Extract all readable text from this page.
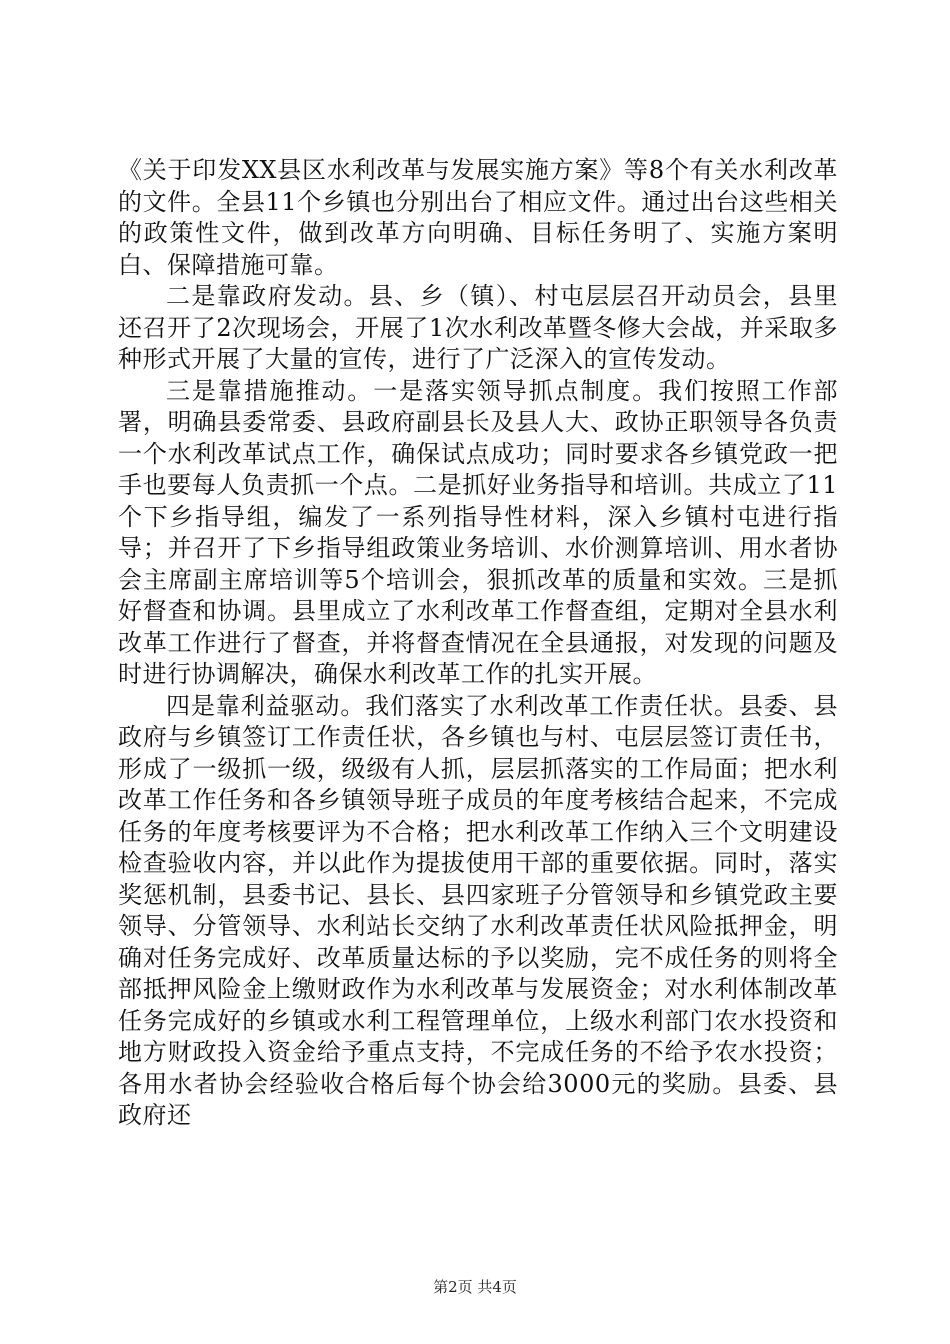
《关于印发XX县区水利改革与发展实施方案》等8个有关水利改革的文件。全县11个乡镇也分别出台了相应文件。通过出台这些相关的政策性文件，做到改革方向明确、目标任务明了、实施方案明白、保障措施可靠。

二是靠政府发动。县、乡（镇）、村屯层层召开动员会，县里还召开了2次现场会，开展了1次水利改革暨冬修大会战，并采取多种形式开展了大量的宣传，进行了广泛深入的宣传发动。

三是靠措施推动。一是落实领导抓点制度。我们按照工作部署，明确县委常委、县政府副县长及县人大、政协正职领导各负责一个水利改革试点工作，确保试点成功；同时要求各乡镇党政一把手也要每人负责抓一个点。二是抓好业务指导和培训。共成立了11个下乡指导组，编发了一系列指导性材料，深入乡镇村屯进行指导；并召开了下乡指导组政策业务培训、水价测算培训、用水者协会主席副主席培训等5个培训会，狠抓改革的质量和实效。三是抓好督查和协调。县里成立了水利改革工作督查组，定期对全县水利改革工作进行了督查，并将督查情况在全县通报，对发现的问题及时进行协调解决，确保水利改革工作的扎实开展。

四是靠利益驱动。我们落实了水利改革工作责任状。县委、县政府与乡镇签订工作责任状，各乡镇也与村、屯层层签订责任书，形成了一级抓一级，级级有人抓，层层抓落实的工作局面；把水利改革工作任务和各乡镇领导班子成员的年度考核结合起来，不完成任务的年度考核要评为不合格；把水利改革工作纳入三个文明建设检查验收内容，并以此作为提拔使用干部的重要依据。同时，落实奖惩机制，县委书记、县长、县四家班子分管领导和乡镇党政主要领导、分管领导、水利站长交纳了水利改革责任状风险抵押金，明确对任务完成好、改革质量达标的予以奖励，完不成任务的则将全部抵押风险金上缴财政作为水利改革与发展资金；对水利体制改革任务完成好的乡镇或水利工程管理单位，上级水利部门农水投资和地方财政投入资金给予重点支持，不完成任务的不给予农水投资；各用水者协会经验收合格后每个协会给3000元的奖励。县委、县政府还

第2页 共4页
